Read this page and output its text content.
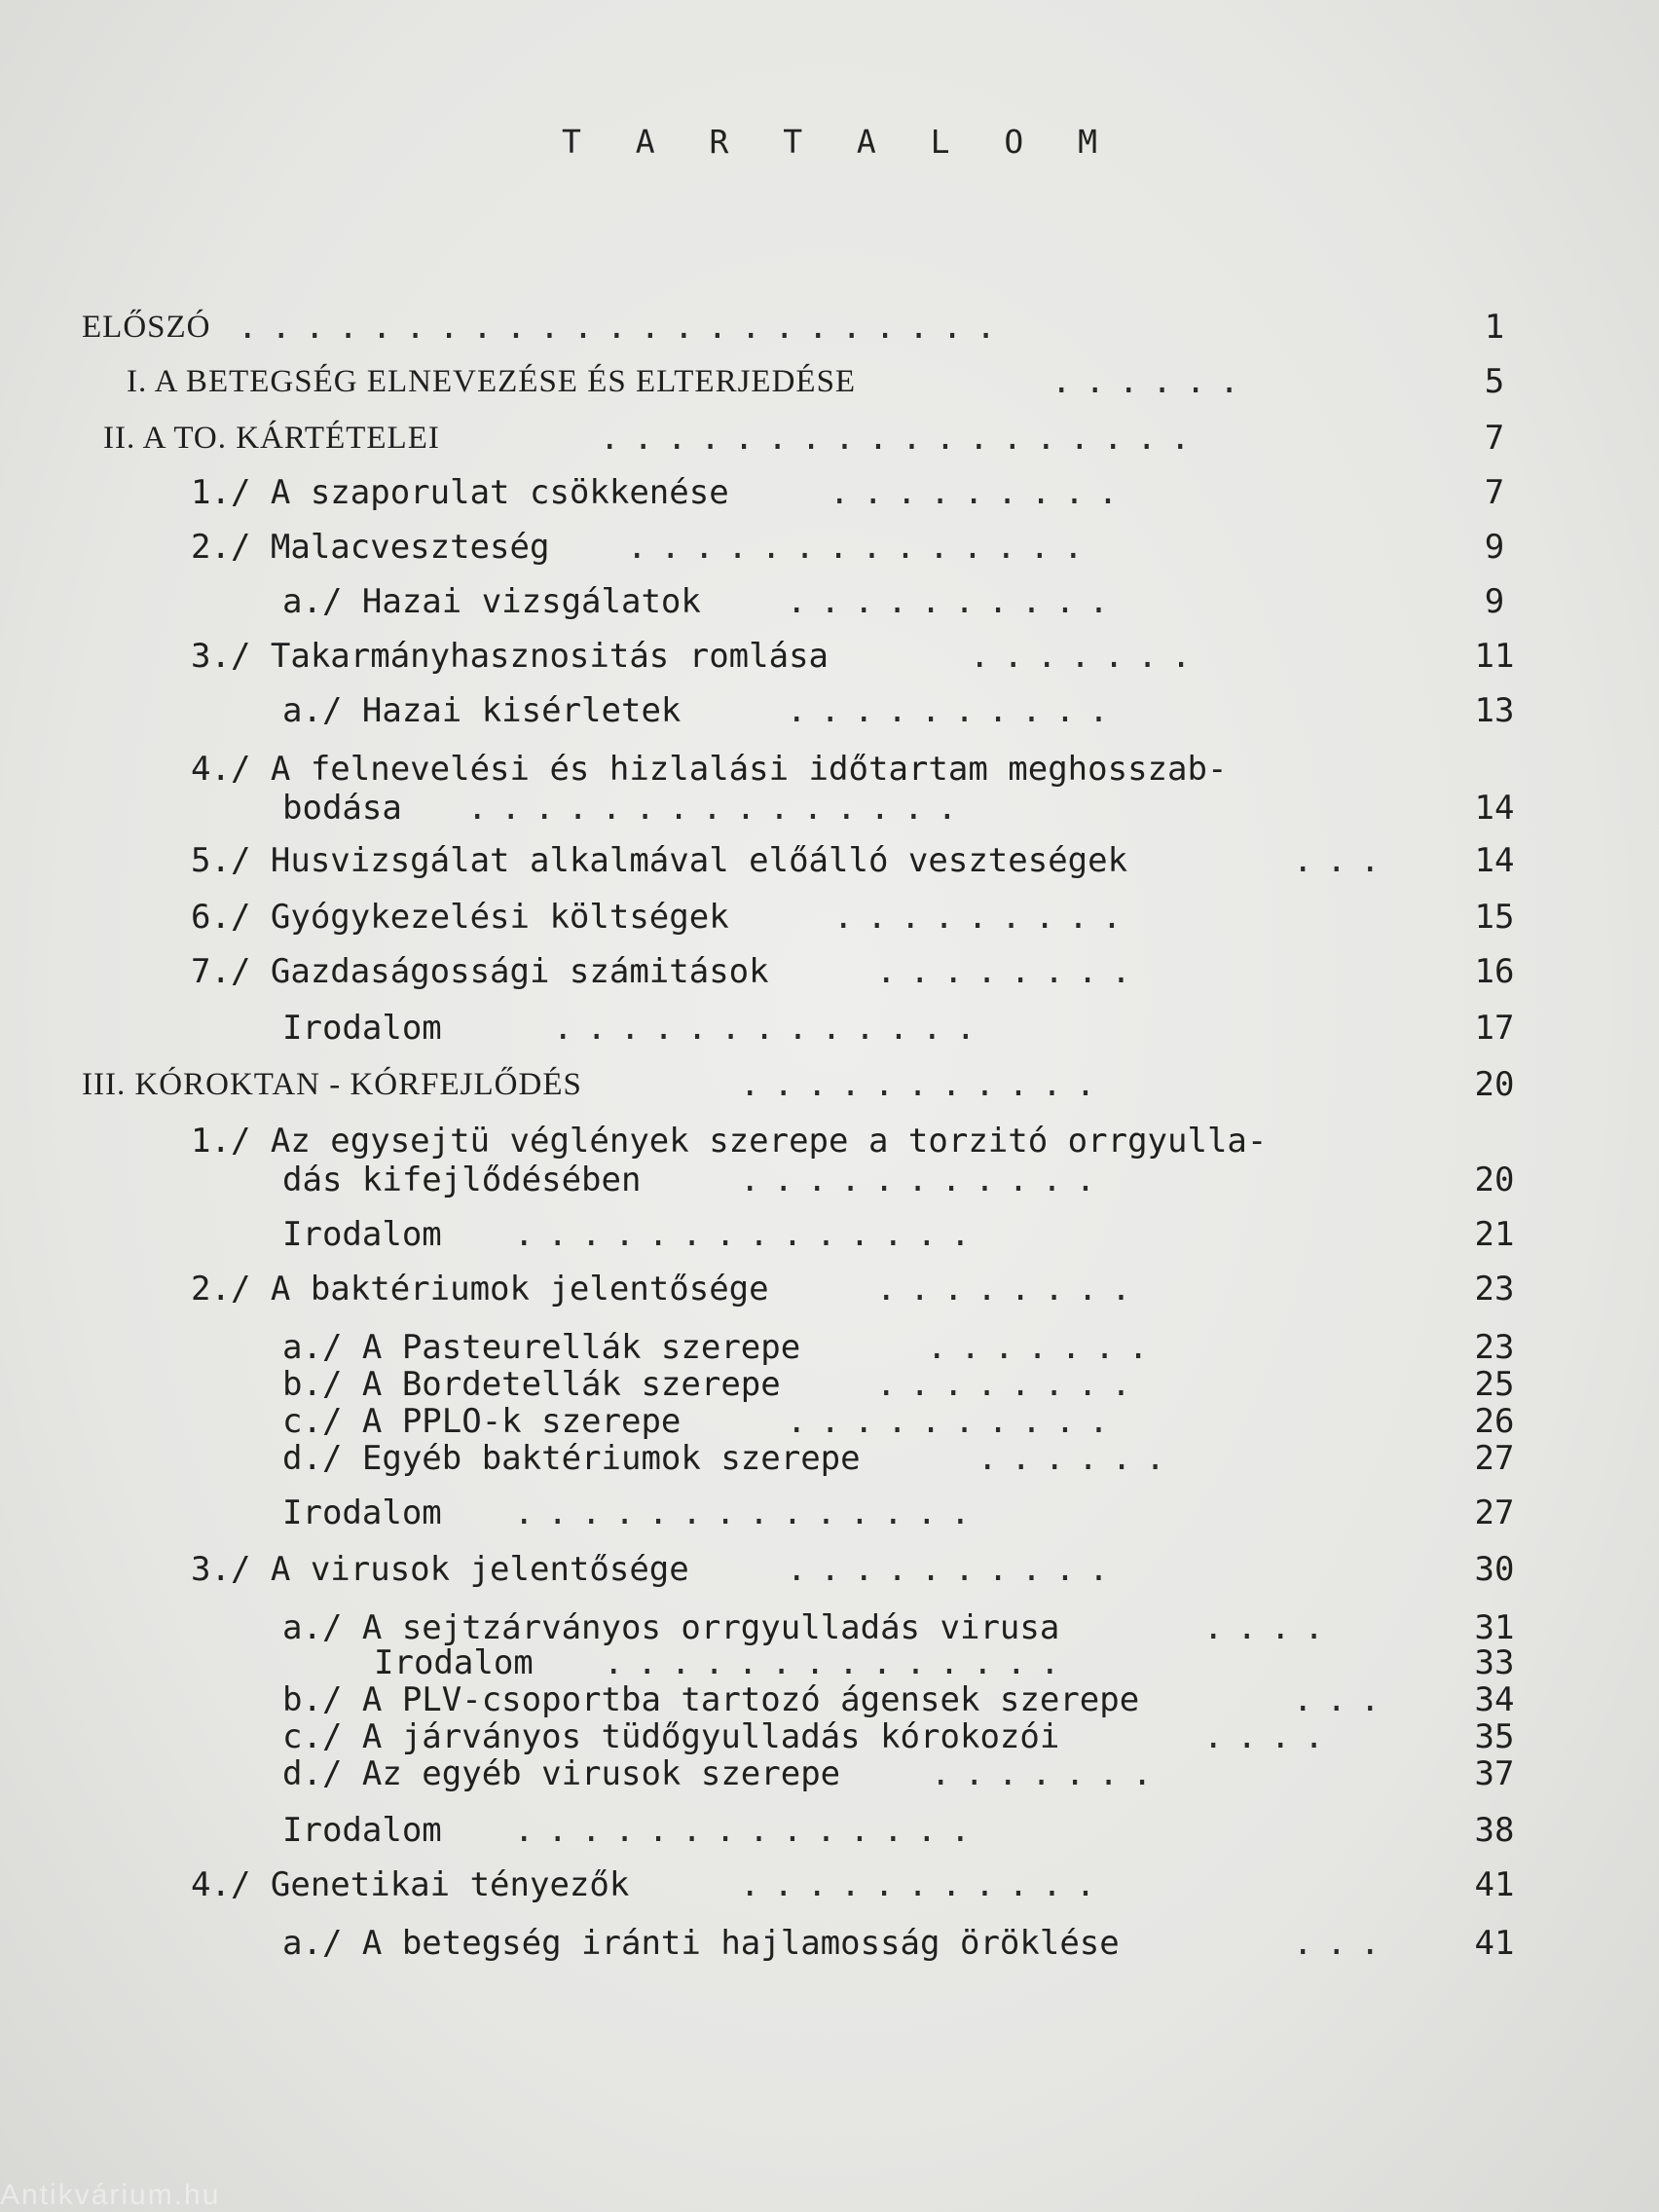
T A R T A L O M
ELŐSZÓ .......................	1
I. A BETEGSÉG ELNEVEZÉSE ÉS ELTERJEDÉSE	......	5
II. A TO. KÁRTÉTELEI	..................	7
1./ A szaporulat csökkenése	.........	7
2./ Malacveszteség ..............	9
a./ Hazai vizsgálatok	..........	9
3./ Takarmányhasznositás romlása	.......	11
a./ Hazai kisérletek	..........	13
4./ A felnevelési és hizlalási időtartam meghosszab-
bodása ...............	14
5./ Husvizsgálat alkalmával előálló veszteségek	... 14
6./ Gyógykezelési költségek	.........	15
7./ Gazdaságossági számitások	........	16
Irodalom	.............	17
III. KÓROKTAN - KÓRFEJLŐDÉS	...........	20
1./ Az egysejtü véglények szerepe a torzitó orrgyulla-
dás kifejlődésében	...........	20
Irodalom ..............	21
2./ A baktériumok jelentősége	........	23
a./ A Pasteurellák szerepe	.......	23
b./ A Bordetellák szerepe	........	25
c./ A PPLO-k szerepe	..........	26
d./ Egyéb baktériumok szerepe	......	27
Irodalom ..............	27
3./ A virusok jelentősége	..........	30
a./ A sejtzárványos orrgyulladás virusa	....	31
Irodalom ..............	33
b./ A PLV-csoportba tartozó ágensek szerepe	... 34
c./ A járványos tüdőgyulladás kórokozói	....	35
d./ Az egyéb virusok szerepe	.......	37
Irodalom ..............	38
4./ Genetikai tényezők	...........	41
a./ A betegség iránti hajlamosság öröklése	... 41
Antikvárium.hu
